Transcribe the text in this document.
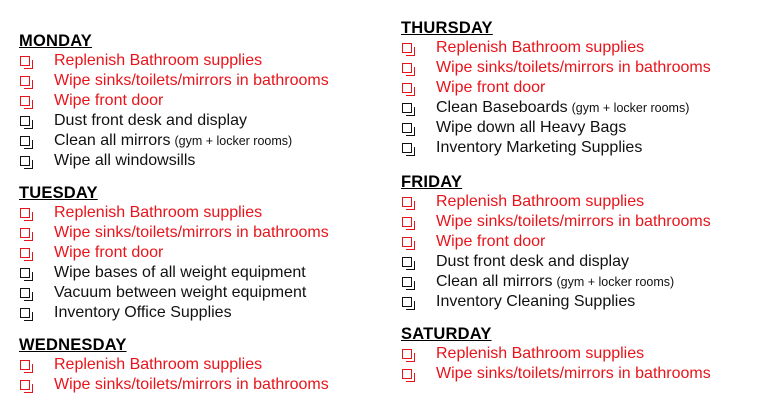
MONDAY
Replenish Bathroom supplies
Wipe sinks/toilets/mirrors in bathrooms
Wipe front door
Dust front desk and display
Clean all mirrors (gym + locker rooms)
Wipe all windowsills
TUESDAY
Replenish Bathroom supplies
Wipe sinks/toilets/mirrors in bathrooms
Wipe front door
Wipe bases of all weight equipment
Vacuum between weight equipment
Inventory Office Supplies
WEDNESDAY
Replenish Bathroom supplies
Wipe sinks/toilets/mirrors in bathrooms
THURSDAY
Replenish Bathroom supplies
Wipe sinks/toilets/mirrors in bathrooms
Wipe front door
Clean Baseboards (gym + locker rooms)
Wipe down all Heavy Bags
Inventory Marketing Supplies
FRIDAY
Replenish Bathroom supplies
Wipe sinks/toilets/mirrors in bathrooms
Wipe front door
Dust front desk and display
Clean all mirrors (gym + locker rooms)
Inventory Cleaning Supplies
SATURDAY
Replenish Bathroom supplies
Wipe sinks/toilets/mirrors in bathrooms
